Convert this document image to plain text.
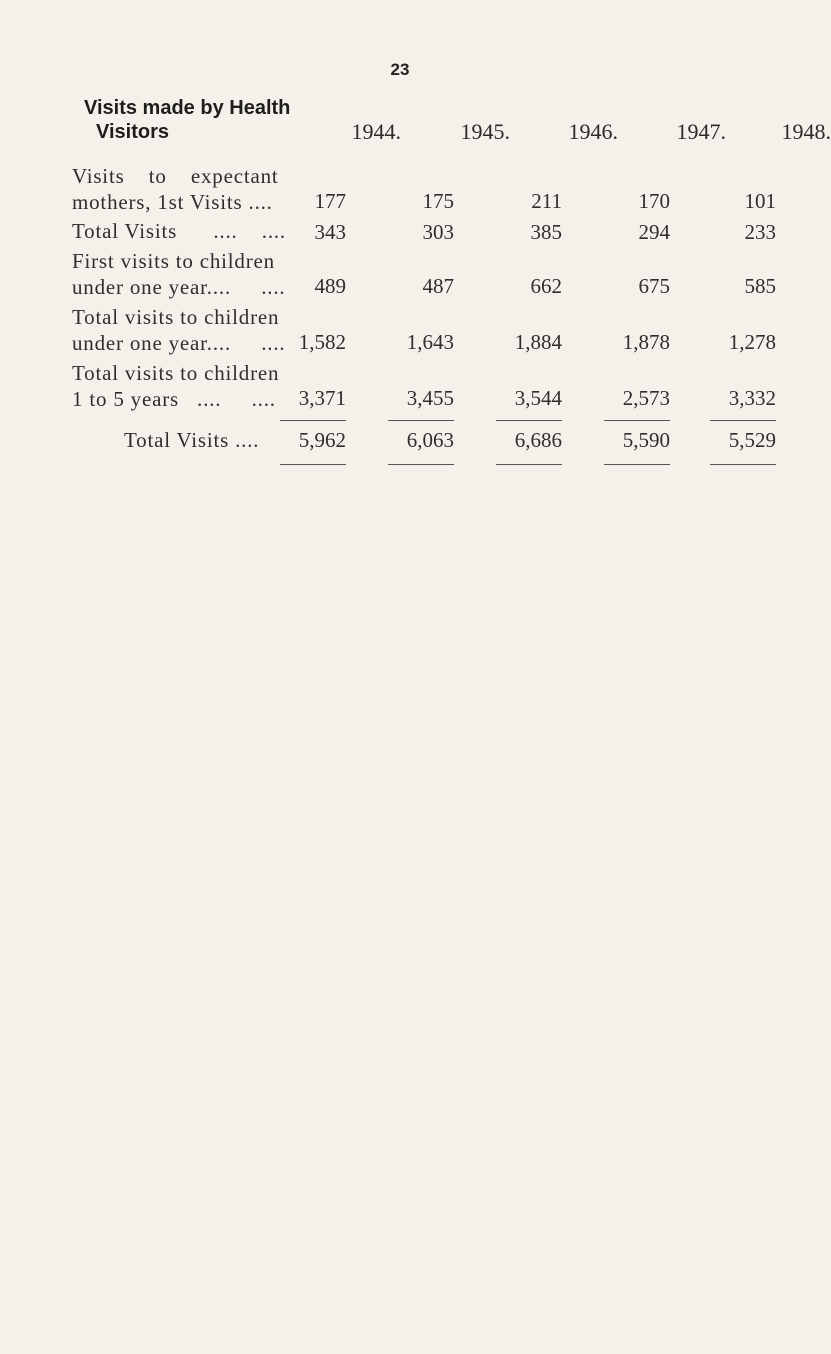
23
Visits made by Health
Visitors	1944.	1945.	1946.	1947.	1948.
Visits    to    expectant
mothers, 1st Visits ....	177	175	211	170	101
Total Visits      ....    ....	343	303	385	294	233
First visits to children
under one year....     ....	489	487	662	675	585
Total visits to children
under one year....     .... 1,582	1,643	1,884	1,878	1,278
Total visits to children
1 to 5 years   ....     ....	3,371	3,455	3,544	2,573	3,332
Total Visits ....	5,962	6,063	6,686	5,590	5,529
